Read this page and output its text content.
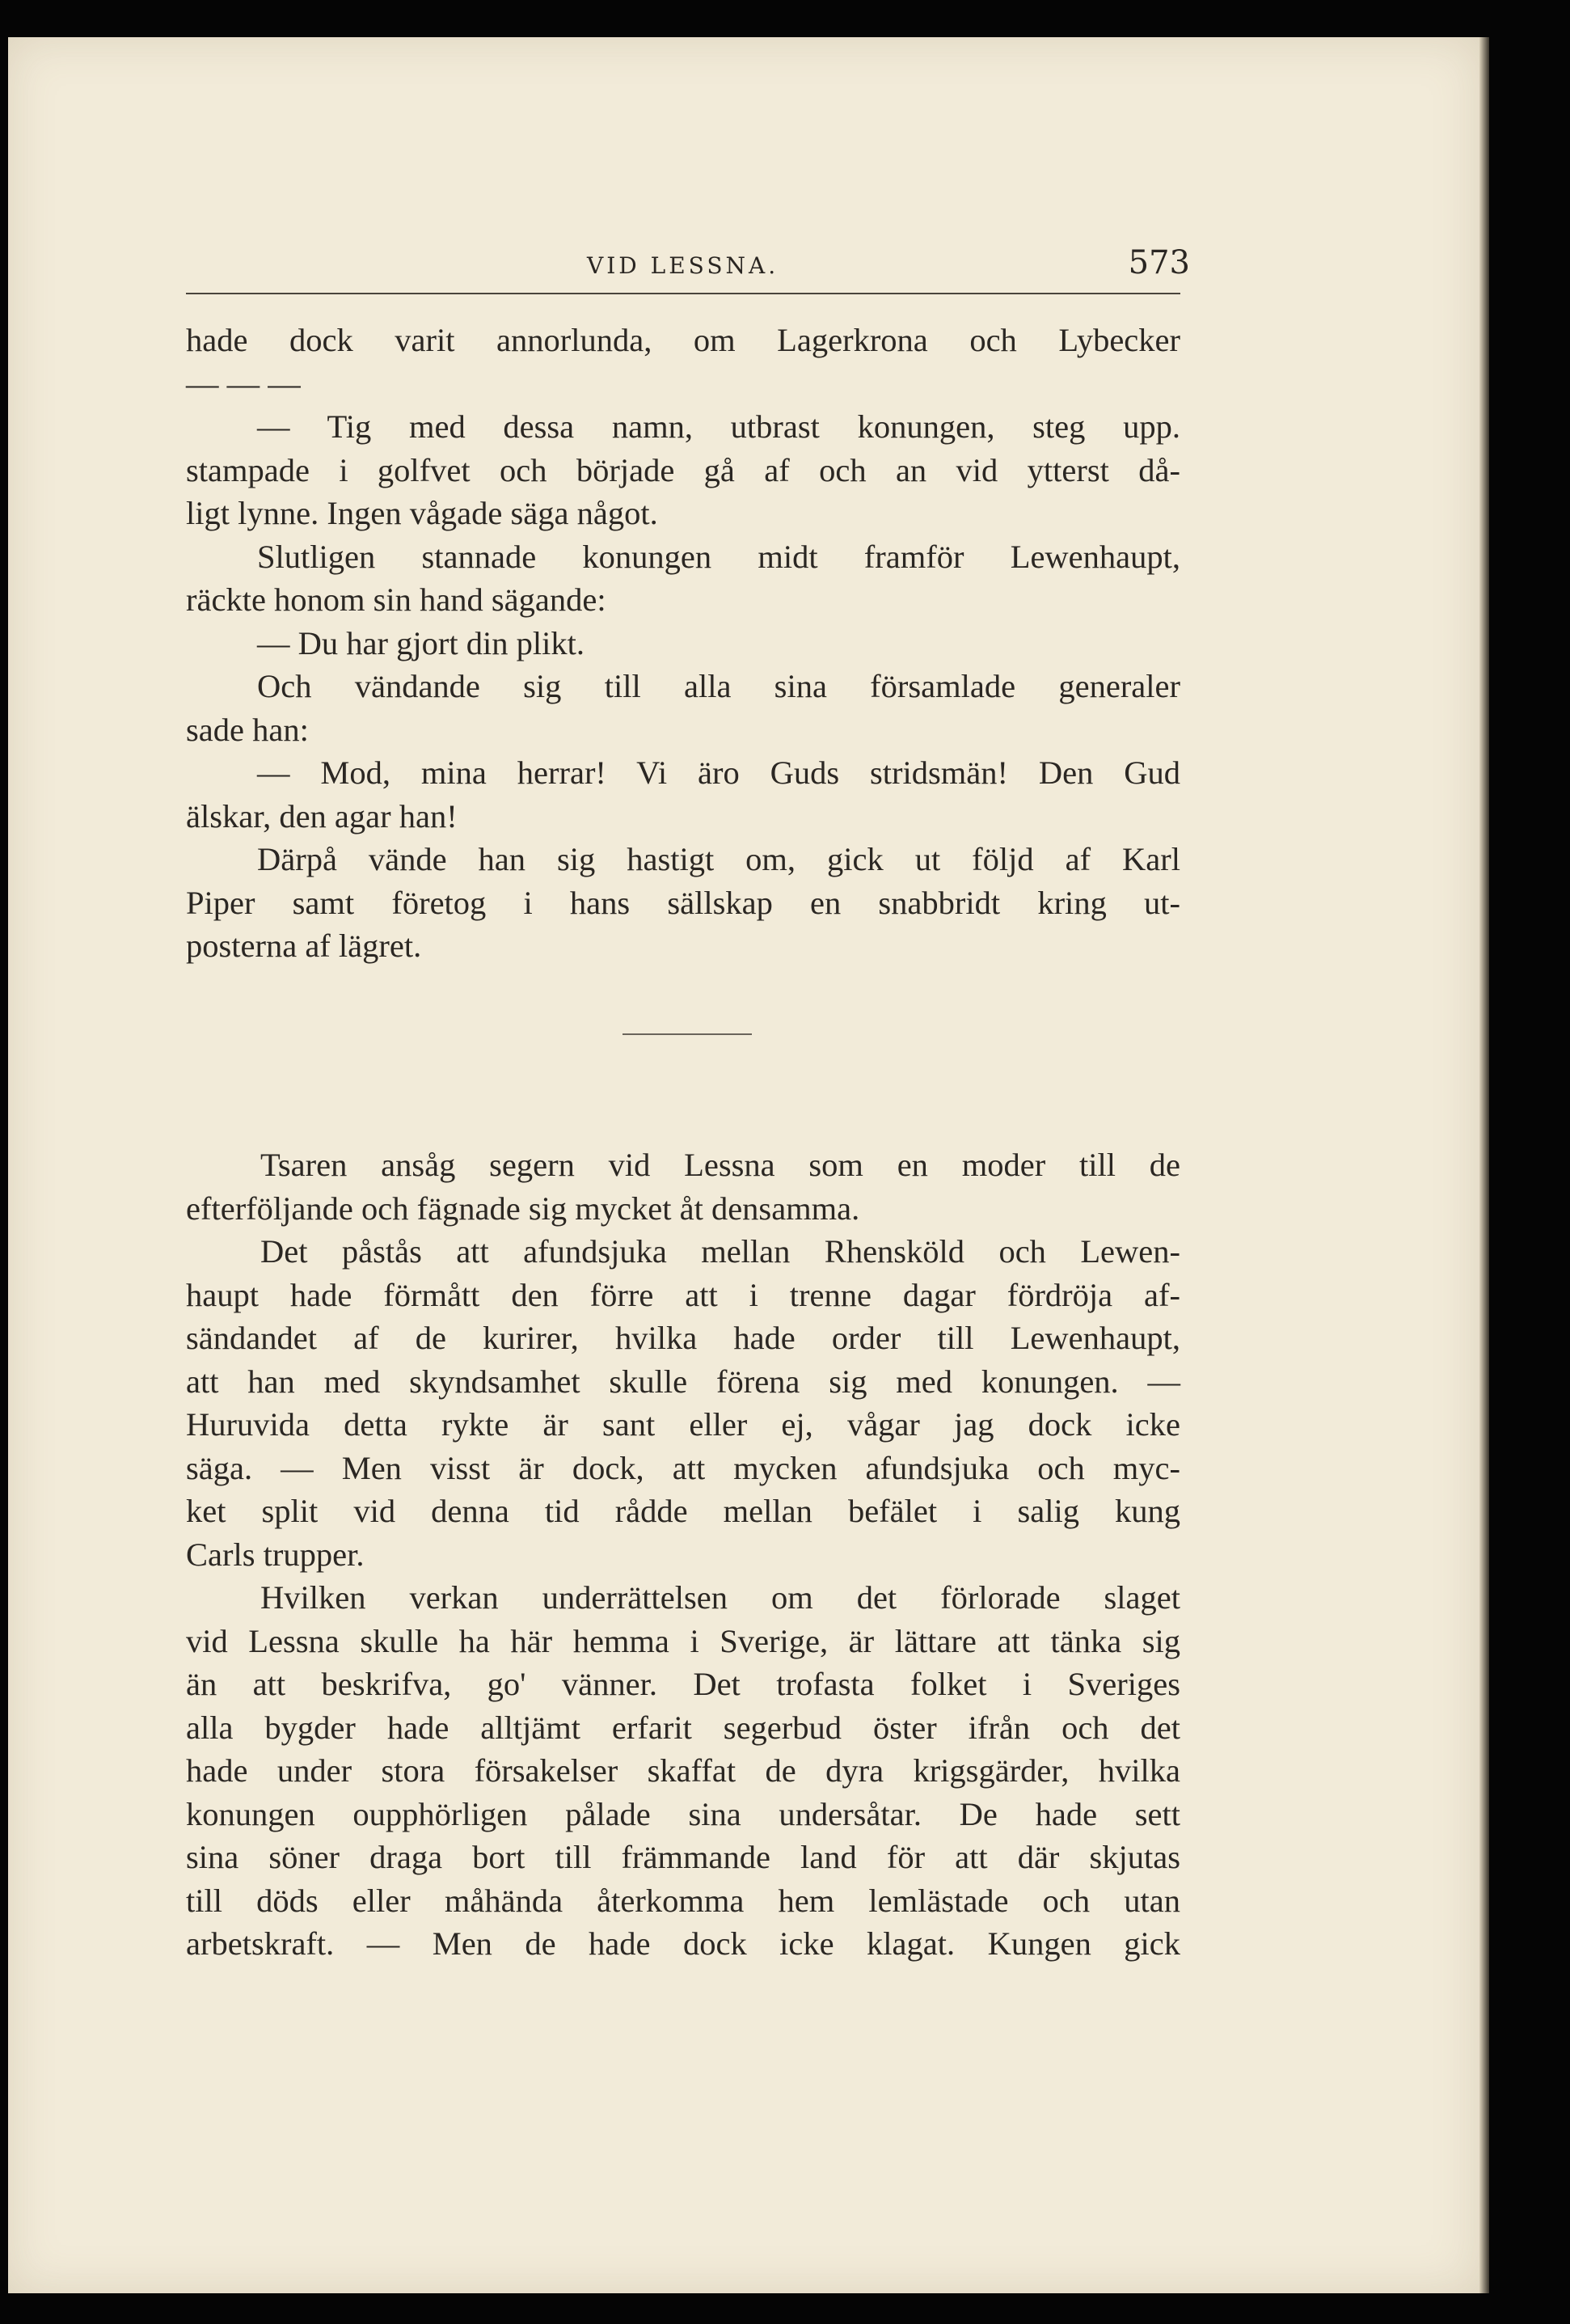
VID LESSNA.	573
hade dock varit annorlunda, om Lagerkrona och Lybecker
— — —
— Tig med dessa namn, utbrast konungen, steg upp.
stampade i golfvet och började gå af och an vid ytterst då-
ligt lynne. Ingen vågade säga något.
Slutligen stannade konungen midt framför Lewenhaupt,
räckte honom sin hand sägande:
— Du har gjort din plikt.
Och vändande sig till alla sina församlade generaler
sade han:
— Mod, mina herrar! Vi äro Guds stridsmän! Den Gud
älskar, den agar han!
Därpå vände han sig hastigt om, gick ut följd af Karl
Piper samt företog i hans sällskap en snabbridt kring ut-
posterna af lägret.
Tsaren ansåg segern vid Lessna som en moder till de
efterföljande och fägnade sig mycket åt densamma.
Det påstås att afundsjuka mellan Rhensköld och Lewen-
haupt hade förmått den förre att i trenne dagar fördröja af-
sändandet af de kurirer, hvilka hade order till Lewenhaupt,
att han med skyndsamhet skulle förena sig med konungen. —
Huruvida detta rykte är sant eller ej, vågar jag dock icke
säga. — Men visst är dock, att mycken afundsjuka och myc-
ket split vid denna tid rådde mellan befälet i salig kung
Carls trupper.
Hvilken verkan underrättelsen om det förlorade slaget
vid Lessna skulle ha här hemma i Sverige, är lättare att tänka sig
än att beskrifva, go' vänner. Det trofasta folket i Sveriges
alla bygder hade alltjämt erfarit segerbud öster ifrån och det
hade under stora försakelser skaffat de dyra krigsgärder, hvilka
konungen oupphörligen pålade sina undersåtar. De hade sett
sina söner draga bort till främmande land för att där skjutas
till döds eller måhända återkomma hem lemlästade och utan
arbetskraft. — Men de hade dock icke klagat. Kungen gick
